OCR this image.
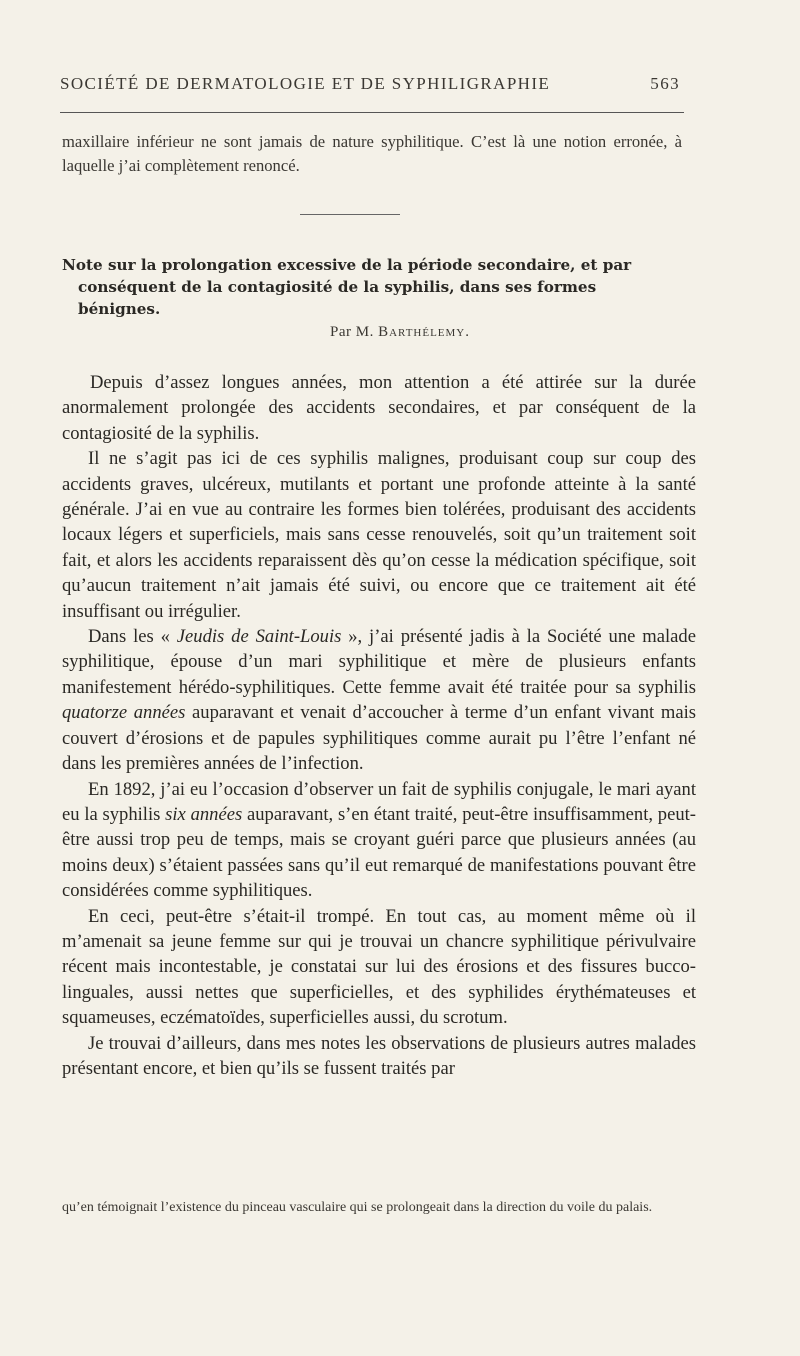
SOCIÉTÉ DE DERMATOLOGIE ET DE SYPHILIGRAPHIE	563

maxillaire inférieur ne sont jamais de nature syphilitique. C’est là une notion erronée, à laquelle j’ai complètement renoncé.

Note sur la prolongation excessive de la période secondaire, et par
conséquent de la contagiosité de la syphilis, dans ses formes
bénignes.
Par M. Barthélemy.

Depuis d’assez longues années, mon attention a été attirée sur la durée anormalement prolongée des accidents secondaires, et par conséquent de la contagiosité de la syphilis.

Il ne s’agit pas ici de ces syphilis malignes, produisant coup sur coup des accidents graves, ulcéreux, mutilants et portant une profonde atteinte à la santé générale. J’ai en vue au contraire les formes bien tolérées, produisant des accidents locaux légers et superficiels, mais sans cesse renouvelés, soit qu’un traitement soit fait, et alors les accidents reparaissent dès qu’on cesse la médication spécifique, soit qu’aucun traitement n’ait jamais été suivi, ou encore que ce traitement ait été insuffisant ou irrégulier.

Dans les « Jeudis de Saint-Louis », j’ai présenté jadis à la Société une malade syphilitique, épouse d’un mari syphilitique et mère de plusieurs enfants manifestement hérédo-syphilitiques. Cette femme avait été traitée pour sa syphilis quatorze années auparavant et venait d’accoucher à terme d’un enfant vivant mais couvert d’érosions et de papules syphilitiques comme aurait pu l’être l’enfant né dans les premières années de l’infection.

En 1892, j’ai eu l’occasion d’observer un fait de syphilis conjugale, le mari ayant eu la syphilis six années auparavant, s’en étant traité, peut-être insuffisamment, peut-être aussi trop peu de temps, mais se croyant guéri parce que plusieurs années (au moins deux) s’étaient passées sans qu’il eut remarqué de manifestations pouvant être considérées comme syphilitiques.

En ceci, peut-être s’était-il trompé. En tout cas, au moment même où il m’amenait sa jeune femme sur qui je trouvai un chancre syphilitique périvulvaire récent mais incontestable, je constatai sur lui des érosions et des fissures bucco-linguales, aussi nettes que superficielles, et des syphilides érythémateuses et squameuses, eczématoïdes, superficielles aussi, du scrotum.

Je trouvai d’ailleurs, dans mes notes les observations de plusieurs autres malades présentant encore, et bien qu’ils se fussent traités par

qu’en témoignait l’existence du pinceau vasculaire qui se prolongeait dans la direction du voile du palais.
